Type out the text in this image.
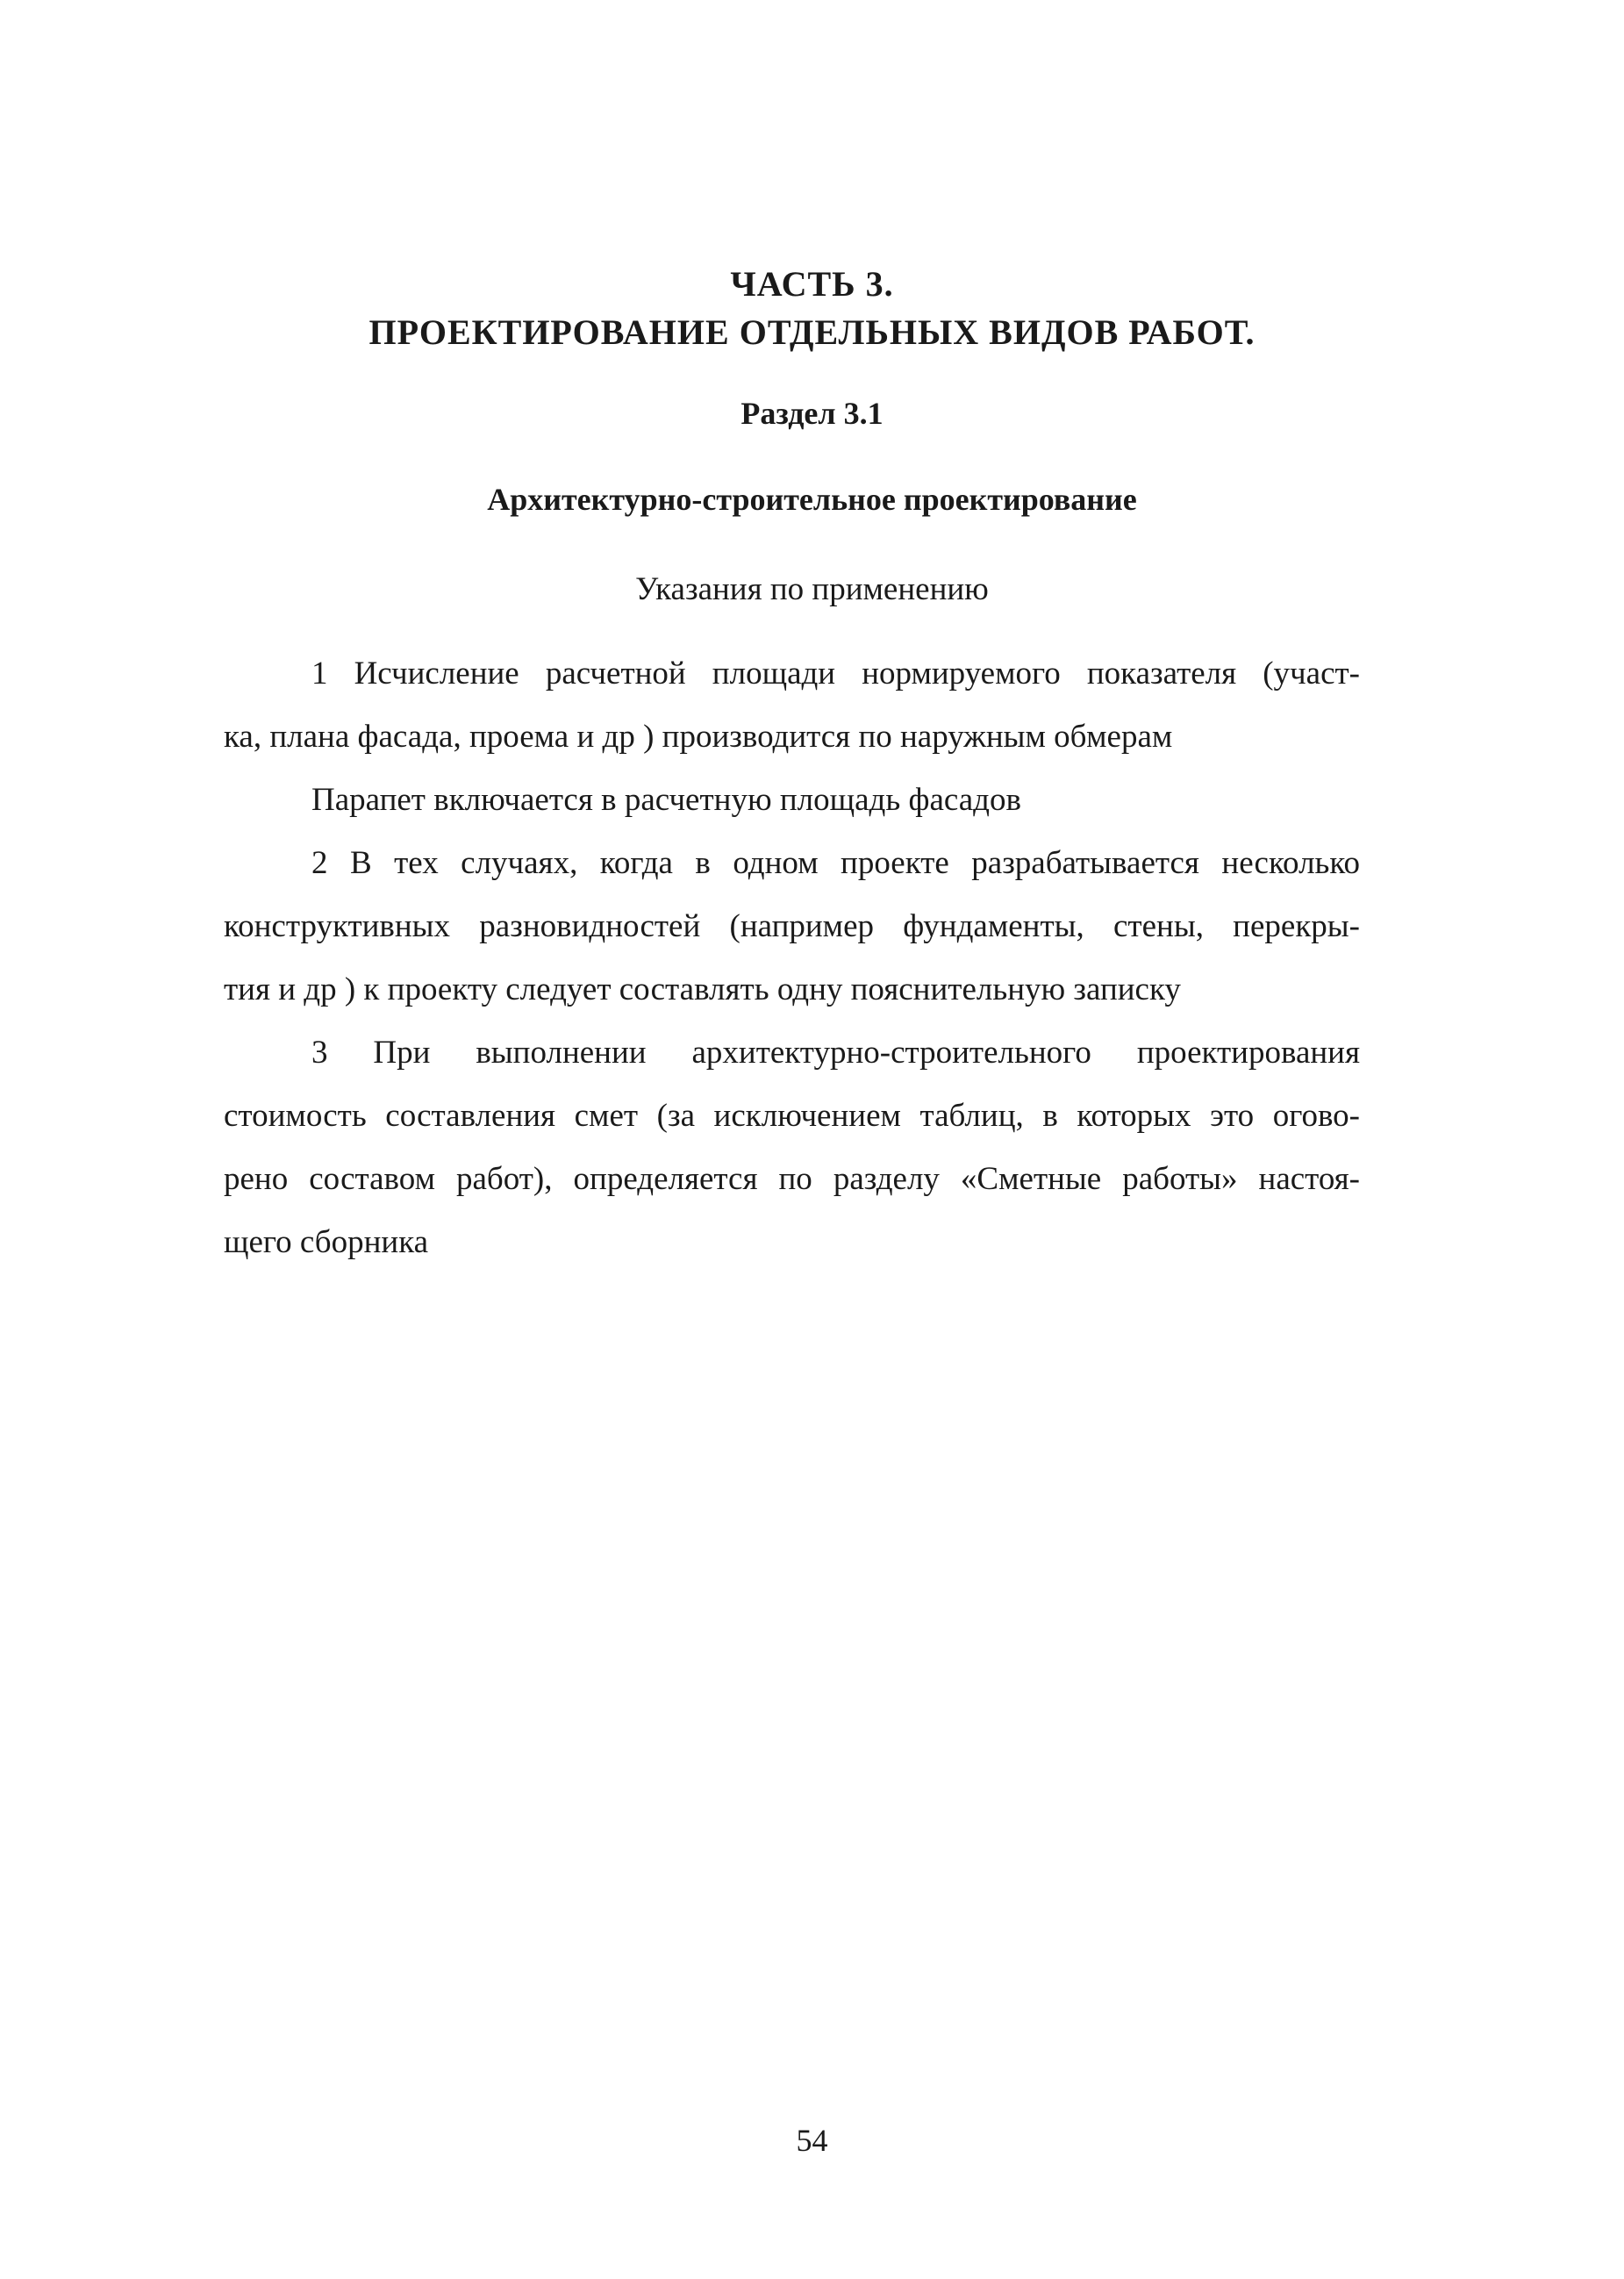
ЧАСТЬ 3.
ПРОЕКТИРОВАНИЕ ОТДЕЛЬНЫХ ВИДОВ РАБОТ.
Раздел 3.1
Архитектурно-строительное проектирование
Указания по применению
1 Исчисление расчетной площади нормируемого показателя (участ-
ка, плана фасада, проема и др ) производится по наружным обмерам
Парапет включается в расчетную площадь фасадов
2 В тех случаях, когда в одном проекте разрабатывается несколько
конструктивных разновидностей (например фундаменты, стены, перекры-
тия и др ) к проекту следует составлять одну пояснительную записку
3 При выполнении архитектурно-строительного проектирования
стоимость составления смет (за исключением таблиц, в которых это огово-
рено составом работ), определяется по разделу «Сметные работы» настоя-
щего сборника
54
